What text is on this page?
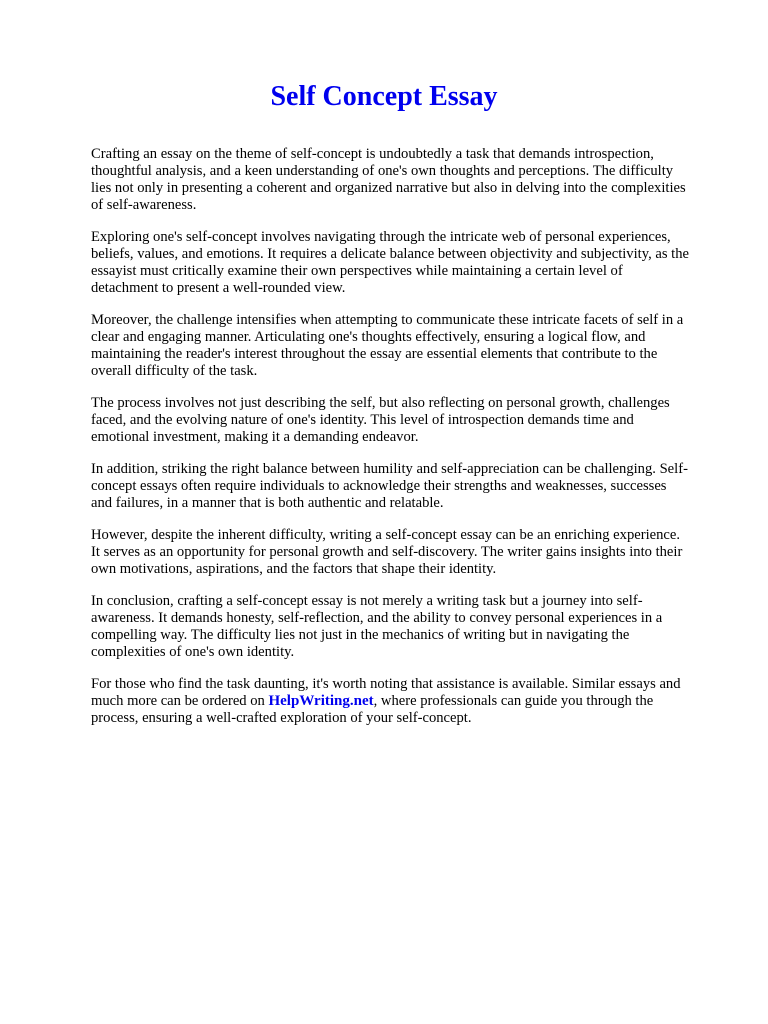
Self Concept Essay

Crafting an essay on the theme of self-concept is undoubtedly a task that demands introspection, thoughtful analysis, and a keen understanding of one's own thoughts and perceptions. The difficulty lies not only in presenting a coherent and organized narrative but also in delving into the complexities of self-awareness.

Exploring one's self-concept involves navigating through the intricate web of personal experiences, beliefs, values, and emotions. It requires a delicate balance between objectivity and subjectivity, as the essayist must critically examine their own perspectives while maintaining a certain level of detachment to present a well-rounded view.

Moreover, the challenge intensifies when attempting to communicate these intricate facets of self in a clear and engaging manner. Articulating one's thoughts effectively, ensuring a logical flow, and maintaining the reader's interest throughout the essay are essential elements that contribute to the overall difficulty of the task.

The process involves not just describing the self, but also reflecting on personal growth, challenges faced, and the evolving nature of one's identity. This level of introspection demands time and emotional investment, making it a demanding endeavor.

In addition, striking the right balance between humility and self-appreciation can be challenging. Self-concept essays often require individuals to acknowledge their strengths and weaknesses, successes and failures, in a manner that is both authentic and relatable.

However, despite the inherent difficulty, writing a self-concept essay can be an enriching experience. It serves as an opportunity for personal growth and self-discovery. The writer gains insights into their own motivations, aspirations, and the factors that shape their identity.

In conclusion, crafting a self-concept essay is not merely a writing task but a journey into self-awareness. It demands honesty, self-reflection, and the ability to convey personal experiences in a compelling way. The difficulty lies not just in the mechanics of writing but in navigating the complexities of one's own identity.

For those who find the task daunting, it's worth noting that assistance is available. Similar essays and much more can be ordered on HelpWriting.net, where professionals can guide you through the process, ensuring a well-crafted exploration of your self-concept.
